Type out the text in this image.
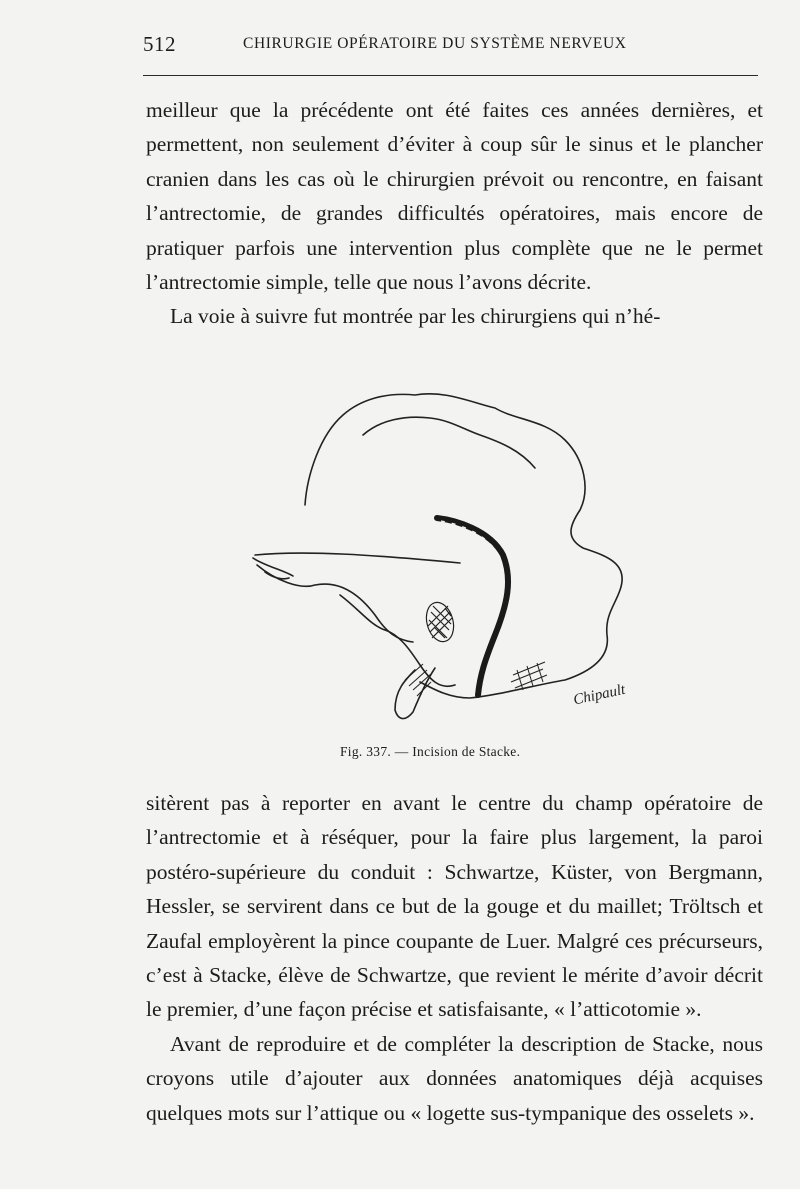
512	CHIRURGIE OPÉRATOIRE DU SYSTÈME NERVEUX

meilleur que la précédente ont été faites ces années dernières, et permettent, non seulement d’éviter à coup sûr le sinus et le plancher cranien dans les cas où le chirurgien prévoit ou rencontre, en faisant l’antrectomie, de grandes difficultés opératoires, mais encore de pratiquer parfois une intervention plus complète que ne le permet l’antrectomie simple, telle que nous l’avons décrite.

La voie à suivre fut montrée par les chirurgiens qui n’hé-

Chipault
Fig. 337. — Incision de Stacke.

sitèrent pas à reporter en avant le centre du champ opératoire de l’antrectomie et à réséquer, pour la faire plus largement, la paroi postéro-supérieure du conduit : Schwartze, Küster, von Bergmann, Hessler, se servirent dans ce but de la gouge et du maillet; Tröltsch et Zaufal employèrent la pince coupante de Luer. Malgré ces précurseurs, c’est à Stacke, élève de Schwartze, que revient le mérite d’avoir décrit le premier, d’une façon précise et satisfaisante, « l’atticotomie ».

Avant de reproduire et de compléter la description de Stacke, nous croyons utile d’ajouter aux données anatomiques déjà acquises quelques mots sur l’attique ou « logette sus-tympanique des osselets ».
